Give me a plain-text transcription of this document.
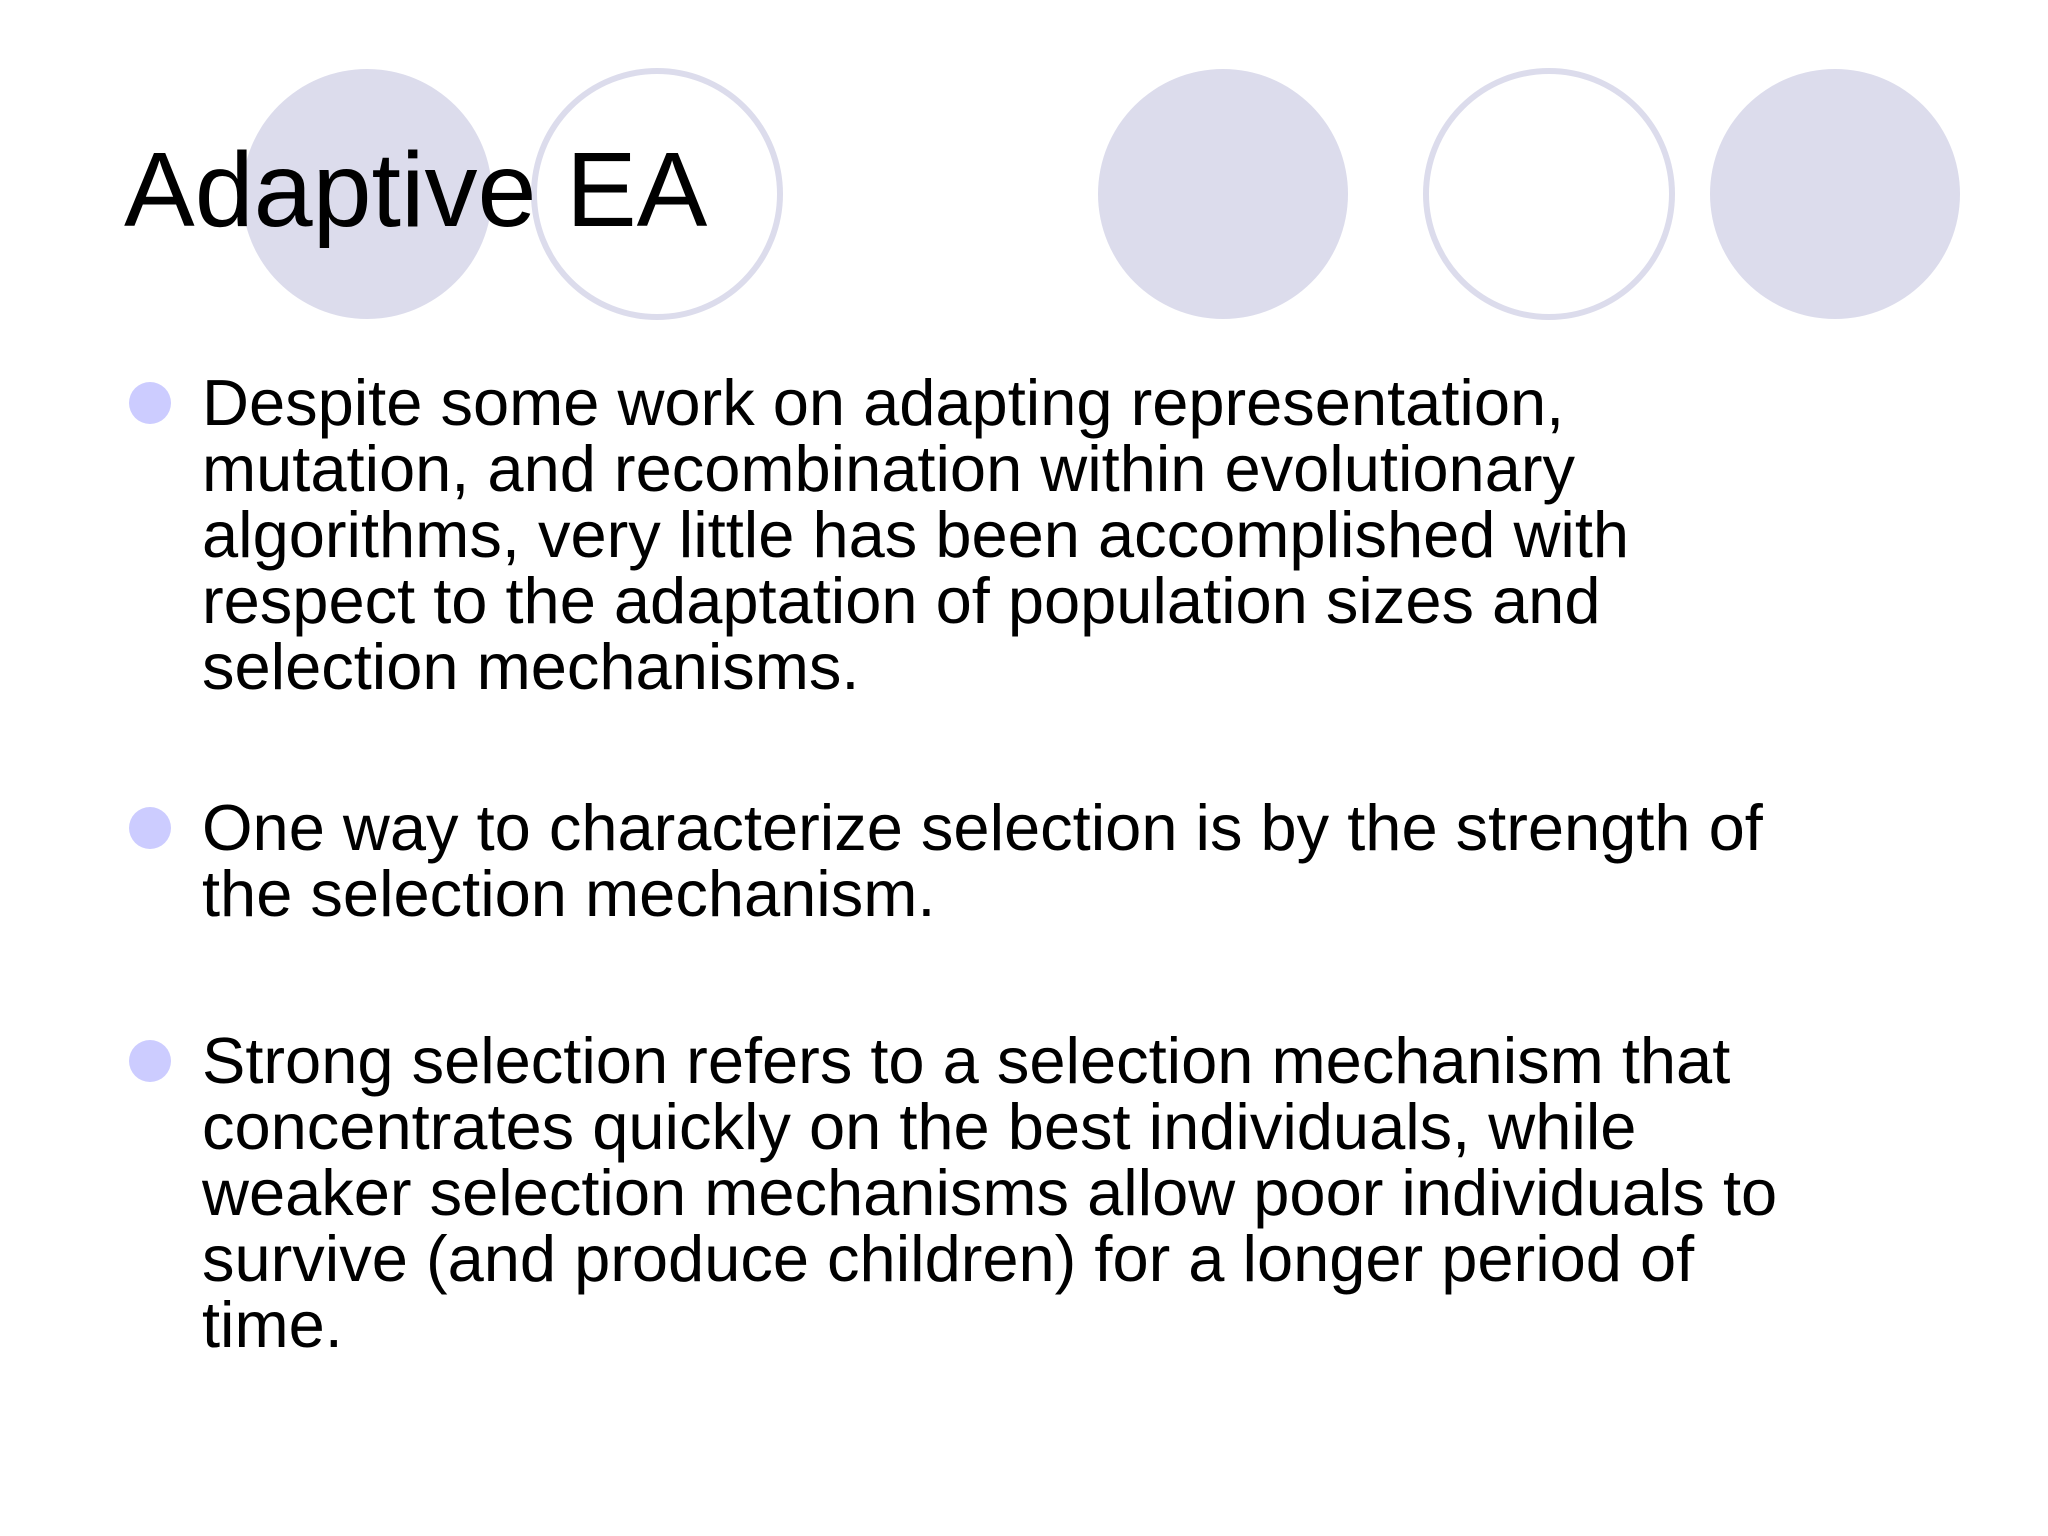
Adaptive EA

Despite some work on adapting representation,
mutation, and recombination within evolutionary
algorithms, very little has been accomplished with
respect to the adaptation of population sizes and
selection mechanisms.

One way to characterize selection is by the strength of
the selection mechanism.

Strong selection refers to a selection mechanism that
concentrates quickly on the best individuals, while
weaker selection mechanisms allow poor individuals to
survive (and produce children) for a longer period of
time.
